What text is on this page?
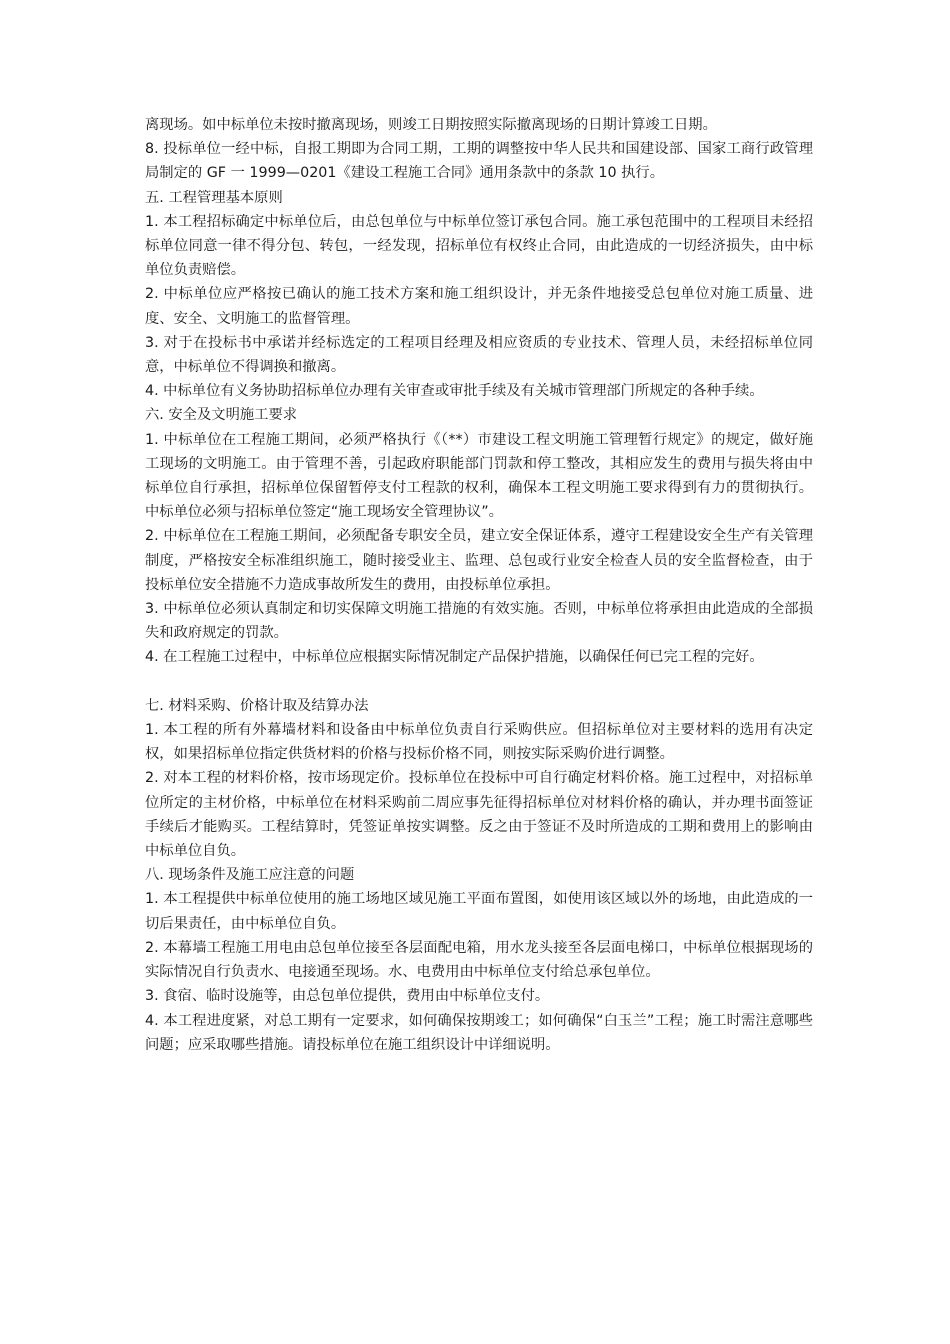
离现场。如中标单位未按时撤离现场，则竣工日期按照实际撤离现场的日期计算竣工日期。

8. 投标单位一经中标，自报工期即为合同工期，工期的调整按中华人民共和国建设部、国家工商行政管理局制定的 GF 一 1999—0201《建设工程施工合同》通用条款中的条款 10 执行。

五. 工程管理基本原则

1. 本工程招标确定中标单位后，由总包单位与中标单位签订承包合同。施工承包范围中的工程项目未经招标单位同意一律不得分包、转包，一经发现，招标单位有权终止合同，由此造成的一切经济损失，由中标单位负责赔偿。

2. 中标单位应严格按已确认的施工技术方案和施工组织设计，并无条件地接受总包单位对施工质量、进度、安全、文明施工的监督管理。

3. 对于在投标书中承诺并经标选定的工程项目经理及相应资质的专业技术、管理人员，未经招标单位同意，中标单位不得调换和撤离。

4. 中标单位有义务协助招标单位办理有关审查或审批手续及有关城市管理部门所规定的各种手续。

六. 安全及文明施工要求

1. 中标单位在工程施工期间，必须严格执行《（**）市建设工程文明施工管理暂行规定》的规定，做好施工现场的文明施工。由于管理不善，引起政府职能部门罚款和停工整改，其相应发生的费用与损失将由中标单位自行承担，招标单位保留暂停支付工程款的权利，确保本工程文明施工要求得到有力的贯彻执行。中标单位必须与招标单位签定“施工现场安全管理协议”。

2. 中标单位在工程施工期间，必须配备专职安全员，建立安全保证体系，遵守工程建设安全生产有关管理制度，严格按安全标准组织施工，随时接受业主、监理、总包或行业安全检查人员的安全监督检查，由于投标单位安全措施不力造成事故所发生的费用，由投标单位承担。

3. 中标单位必须认真制定和切实保障文明施工措施的有效实施。否则，中标单位将承担由此造成的全部损失和政府规定的罚款。

4. 在工程施工过程中，中标单位应根据实际情况制定产品保护措施，以确保任何已完工程的完好。

七. 材料采购、价格计取及结算办法

1. 本工程的所有外幕墙材料和设备由中标单位负责自行采购供应。但招标单位对主要材料的选用有决定权，如果招标单位指定供货材料的价格与投标价格不同，则按实际采购价进行调整。

2. 对本工程的材料价格，按市场现定价。投标单位在投标中可自行确定材料价格。施工过程中，对招标单位所定的主材价格，中标单位在材料采购前二周应事先征得招标单位对材料价格的确认，并办理书面签证手续后才能购买。工程结算时，凭签证单按实调整。反之由于签证不及时所造成的工期和费用上的影响由中标单位自负。

八. 现场条件及施工应注意的问题

1. 本工程提供中标单位使用的施工场地区域见施工平面布置图，如使用该区域以外的场地，由此造成的一切后果责任，由中标单位自负。

2. 本幕墙工程施工用电由总包单位接至各层面配电箱，用水龙头接至各层面电梯口，中标单位根据现场的实际情况自行负责水、电接通至现场。水、电费用由中标单位支付给总承包单位。

3. 食宿、临时设施等，由总包单位提供，费用由中标单位支付。

4. 本工程进度紧，对总工期有一定要求，如何确保按期竣工；如何确保“白玉兰”工程；施工时需注意哪些问题；应采取哪些措施。请投标单位在施工组织设计中详细说明。
